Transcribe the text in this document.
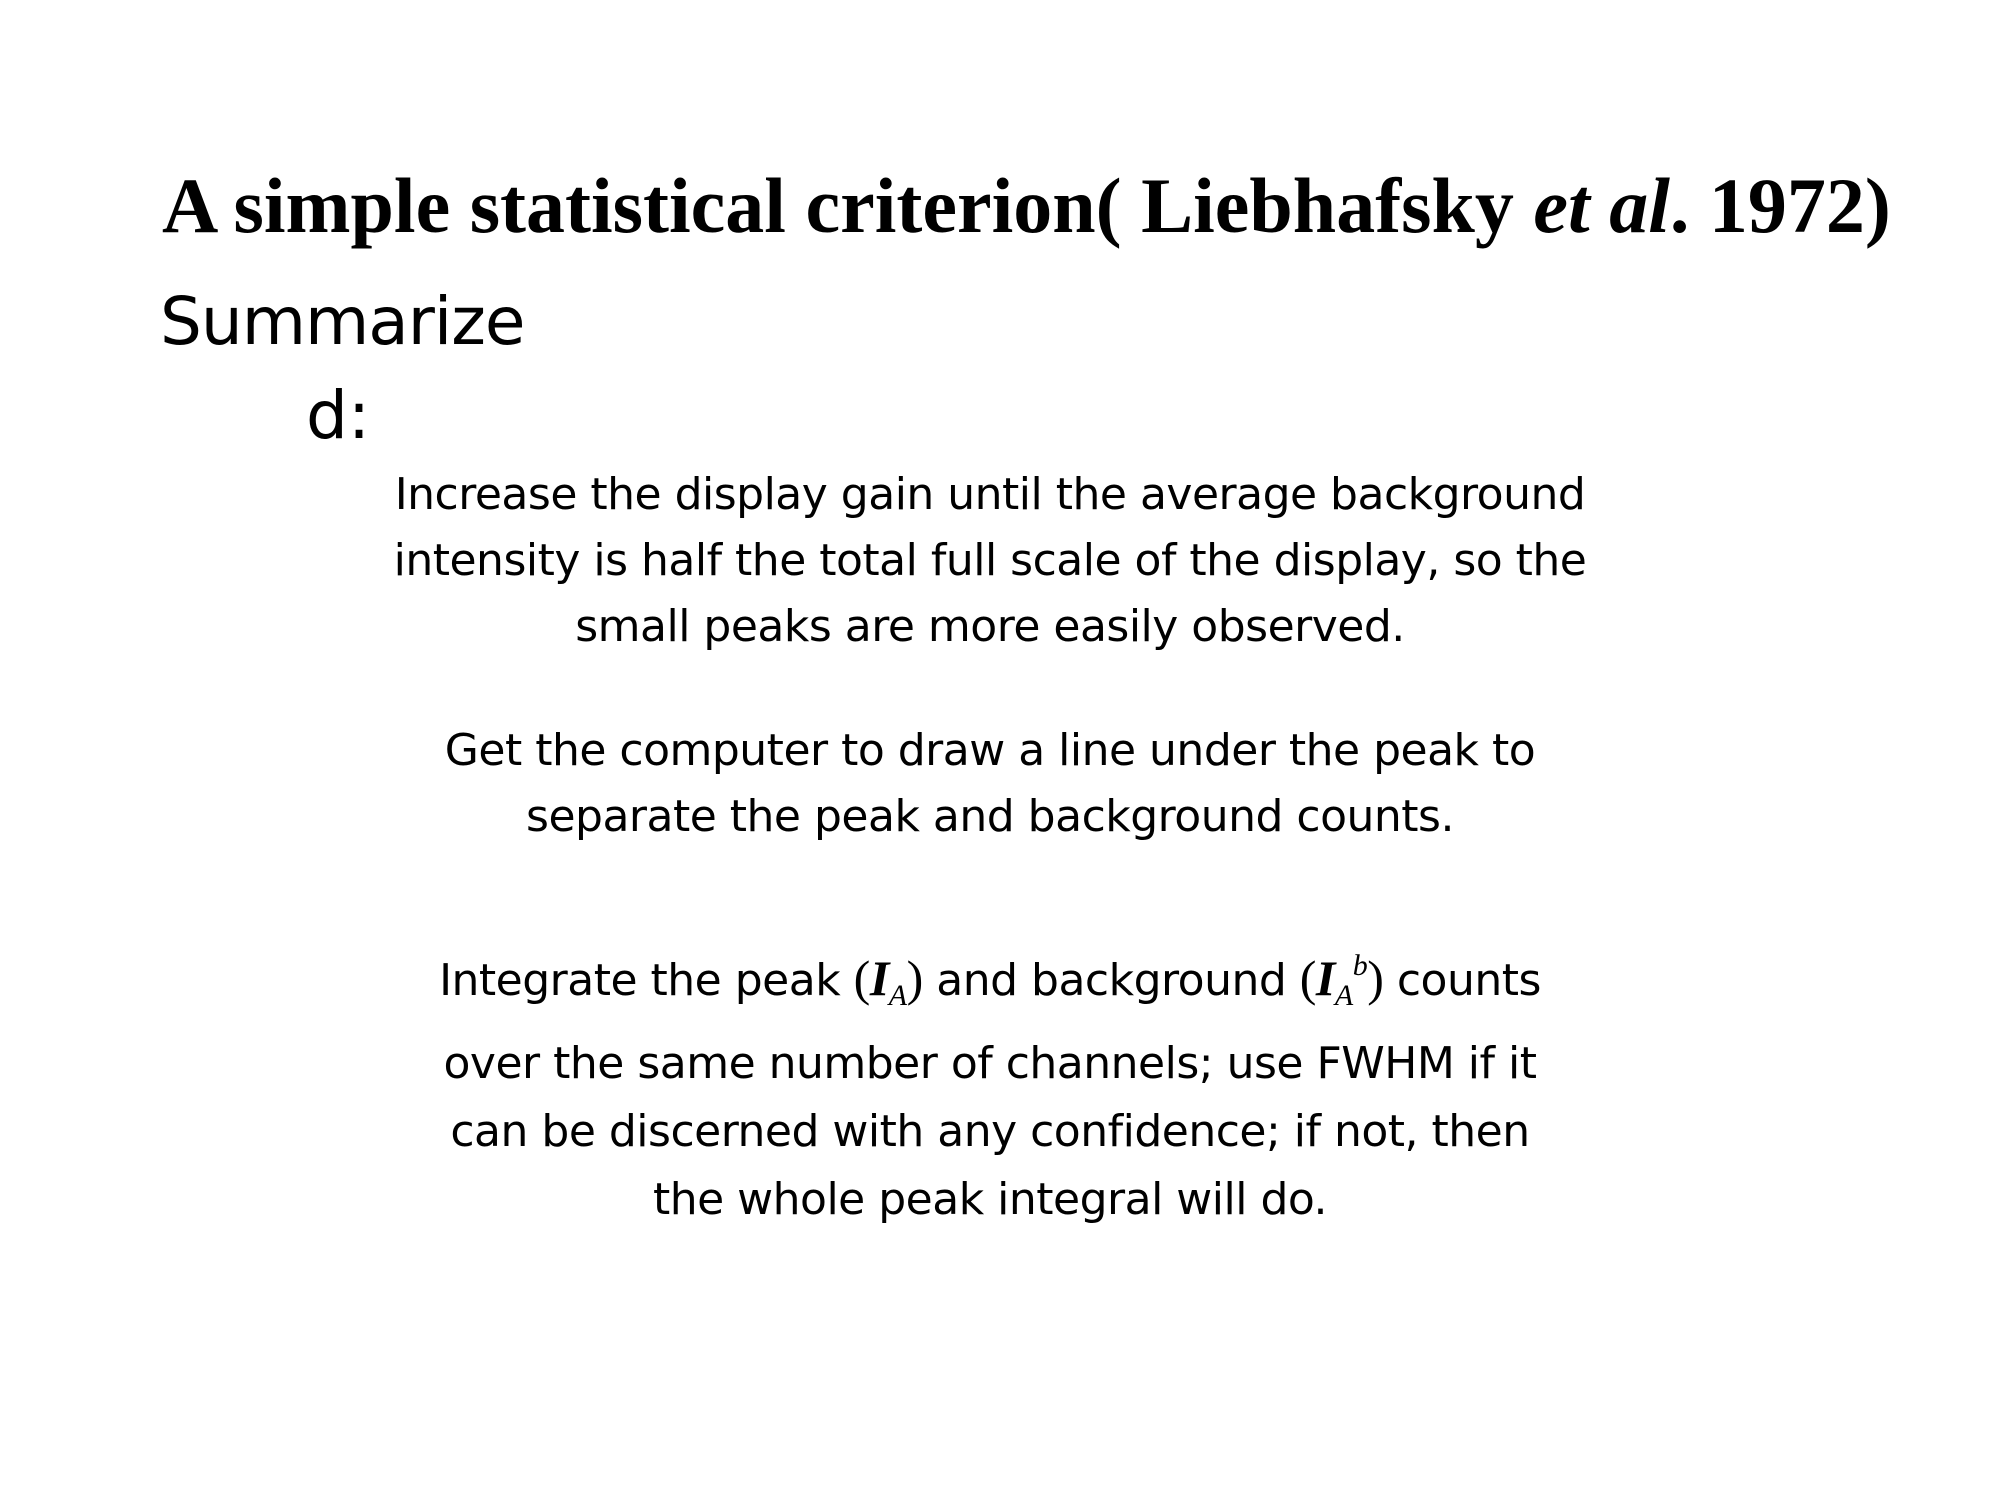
A simple statistical criterion( Liebhafsky et al. 1972)
Summarize
d:
Increase the display gain until the average background
intensity is half the total full scale of the display, so the
small peaks are more easily observed.
Get the computer to draw a line under the peak to
separate the peak and background counts.
Integrate the peak $(I_A)$ and background $(I_A^b)$ counts
over the same number of channels; use FWHM if it
can be discerned with any confidence; if not, then
the whole peak integral will do.
